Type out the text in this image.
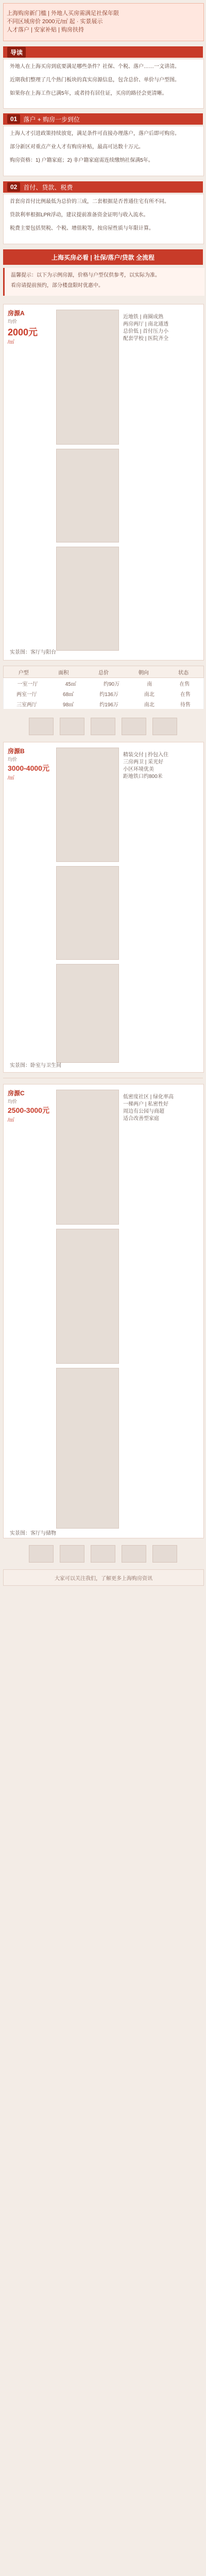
上海购房新门槛 | 外地人买房需满足社保年限
不同区域房价 2000元/㎡ 起 · 实景展示
人才落户 | 安家补贴 | 购房扶持
导读
外地人在上海买房到底要满足哪些条件？社保、个税、落户……一文讲清。
近期我们整理了几个热门板块的真实房源信息，包含总价、单价与户型图。
如果你在上海工作已满5年，或者持有居住证，买房的路径会更清晰。
01	落户 + 购房一步到位
上海人才引进政策持续放宽，满足条件可直接办理落户，落户后即可购房。
部分新区对重点产业人才有购房补贴，最高可达数十万元。
购房资格：1) 户籍家庭；2) 非户籍家庭需连续缴纳社保满5年。
02	首付、贷款、税费
首套房首付比例最低为总价的三成，二套根据是否普通住宅有所不同。
贷款利率根据LPR浮动，建议提前准备资金证明与收入流水。
税费主要包括契税、个税、增值税等，按房屋性质与年限计算。
上海买房必看 | 社保/落户/贷款 全流程
温馨提示：以下为示例房源，价格与户型仅供参考，以实际为准。
看房请提前预约，部分楼盘限时优惠中。
房源A
均价
2000元
/㎡
近地铁 | 商圈成熟
两房两厅 | 南北通透
总价低 | 首付压力小
配套学校 | 医院齐全
实景图：客厅与阳台
户型	面积	总价	朝向	状态
一室一厅	45㎡	约90万	南	在售
两室一厅	68㎡	约136万	南北	在售
三室两厅	98㎡	约196万	南北	待售
房源B
均价
3000-4000元
/㎡
精装交付 | 拎包入住
三房两卫 | 采光好
小区环境优美
距地铁口约800米
实景图：卧室与卫生间
房源C
均价
2500-3000元
/㎡
低密度社区 | 绿化率高
一梯两户 | 私密性好
周边有公园与商超
适合改善型家庭
实景图：客厅与储物
大家可以关注我们，了解更多上海购房资讯
